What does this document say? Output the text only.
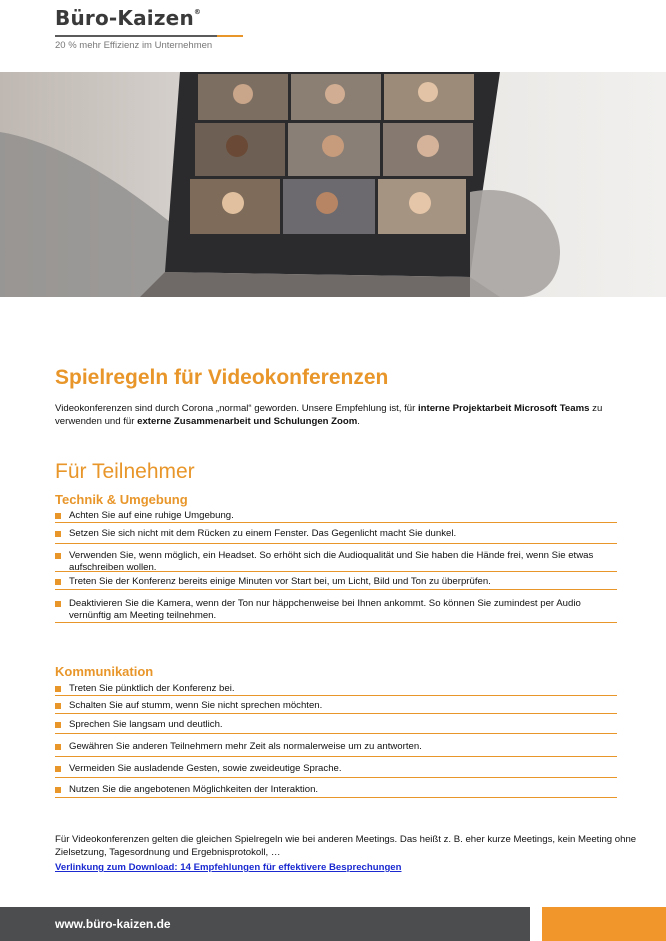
Büro-Kaizen®
20 % mehr Effizienz im Unternehmen
Spielregeln für Videokonferenzen

Videokonferenzen sind durch Corona „normal“ geworden. Unsere Empfehlung ist, für interne Projektarbeit Microsoft Teams zu verwenden und für externe Zusammenarbeit und Schulungen Zoom.

Für Teilnehmer
Technik & Umgebung
Achten Sie auf eine ruhige Umgebung.
Setzen Sie sich nicht mit dem Rücken zu einem Fenster. Das Gegenlicht macht Sie dunkel.
Verwenden Sie, wenn möglich, ein Headset. So erhöht sich die Audioqualität und Sie haben die Hände frei, wenn Sie etwas aufschreiben wollen.
Treten Sie der Konferenz bereits einige Minuten vor Start bei, um Licht, Bild und Ton zu überprüfen.
Deaktivieren Sie die Kamera, wenn der Ton nur häppchenweise bei Ihnen ankommt. So können Sie zumindest per Audio vernünftig am Meeting teilnehmen.
Kommunikation
Treten Sie pünktlich der Konferenz bei.
Schalten Sie auf stumm, wenn Sie nicht sprechen möchten.
Sprechen Sie langsam und deutlich.
Gewähren Sie anderen Teilnehmern mehr Zeit als normalerweise um zu antworten.
Vermeiden Sie ausladende Gesten, sowie zweideutige Sprache.
Nutzen Sie die angebotenen Möglichkeiten der Interaktion.

Für Videokonferenzen gelten die gleichen Spielregeln wie bei anderen Meetings. Das heißt z. B. eher kurze Meetings, kein Meeting ohne Zielsetzung, Tagesordnung und Ergebnisprotokoll, …

Verlinkung zum Download: 14 Empfehlungen für effektivere Besprechungen
www.büro-kaizen.de
